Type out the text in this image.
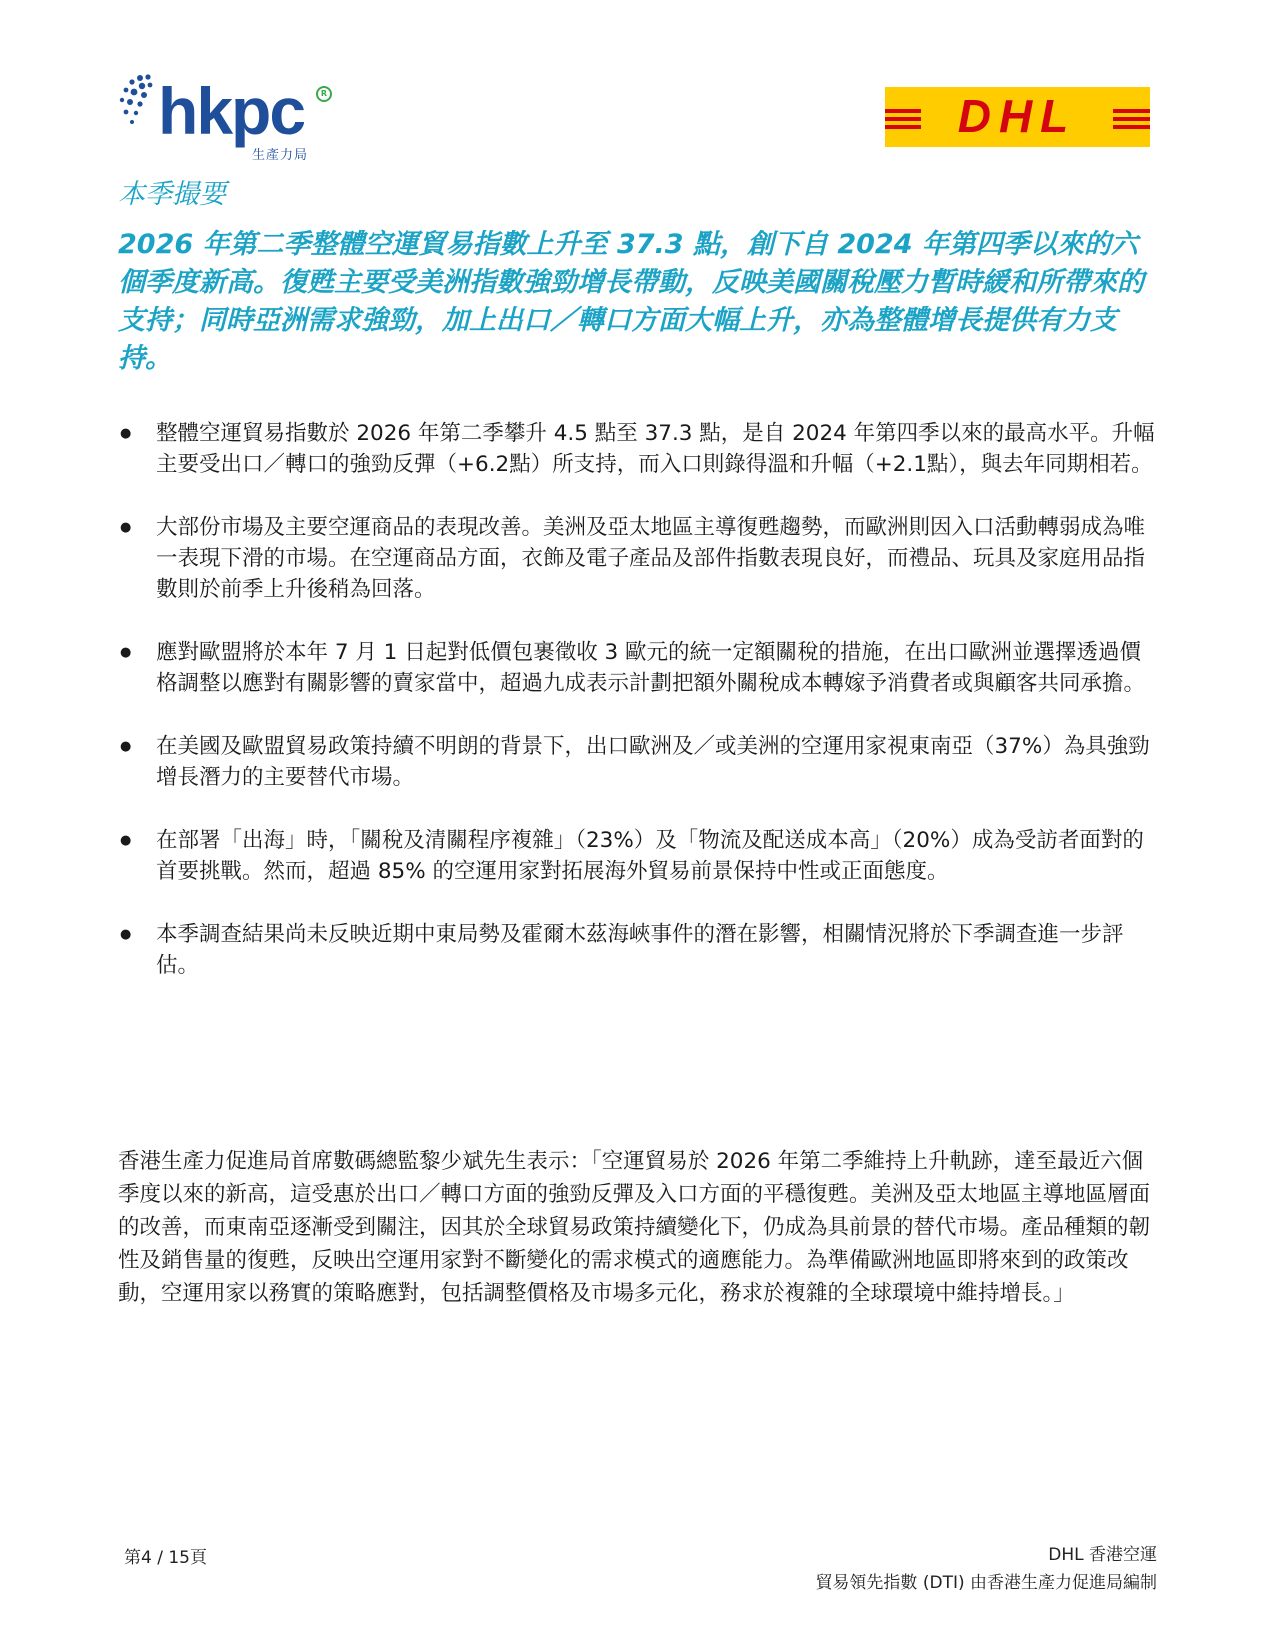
hkpc	R
生產力局
DHL
本季撮要

2026 年第二季整體空運貿易指數上升至 37.3 點，創下自 2024 年第四季以來的六個季度新高。復甦主要受美洲指數強勁增長帶動，反映美國關稅壓力暫時緩和所帶來的支持；同時亞洲需求強勁，加上出口／轉口方面大幅上升，亦為整體增長提供有力支持。

● 整體空運貿易指數於 2026 年第二季攀升 4.5 點至 37.3 點，是自 2024 年第四季以來的最高水平。升幅主要受出口／轉口的強勁反彈（+6.2點）所支持，而入口則錄得溫和升幅（+2.1點），與去年同期相若。
● 大部份市場及主要空運商品的表現改善。美洲及亞太地區主導復甦趨勢，而歐洲則因入口活動轉弱成為唯一表現下滑的市場。在空運商品方面，衣飾及電子產品及部件指數表現良好，而禮品、玩具及家庭用品指數則於前季上升後稍為回落。
● 應對歐盟將於本年 7 月 1 日起對低價包裹徵收 3 歐元的統一定額關稅的措施，在出口歐洲並選擇透過價格調整以應對有關影響的賣家當中，超過九成表示計劃把額外關稅成本轉嫁予消費者或與顧客共同承擔。
● 在美國及歐盟貿易政策持續不明朗的背景下，出口歐洲及／或美洲的空運用家視東南亞（37%）為具強勁增長潛力的主要替代市場。
● 在部署「出海」時，「關稅及清關程序複雜」（23%）及「物流及配送成本高」（20%）成為受訪者面對的首要挑戰。然而，超過 85% 的空運用家對拓展海外貿易前景保持中性或正面態度。
● 本季調查結果尚未反映近期中東局勢及霍爾木茲海峽事件的潛在影響，相關情況將於下季調查進一步評估。

香港生產力促進局首席數碼總監黎少斌先生表示：「空運貿易於 2026 年第二季維持上升軌跡，達至最近六個季度以來的新高，這受惠於出口／轉口方面的強勁反彈及入口方面的平穩復甦。美洲及亞太地區主導地區層面的改善，而東南亞逐漸受到關注，因其於全球貿易政策持續變化下，仍成為具前景的替代市場。產品種類的韌性及銷售量的復甦，反映出空運用家對不斷變化的需求模式的適應能力。為準備歐洲地區即將來到的政策改動，空運用家以務實的策略應對，包括調整價格及市場多元化，務求於複雜的全球環境中維持增長。」

第4 / 15頁	DHL 香港空運
貿易領先指數 (DTI) 由香港生產力促進局編制
